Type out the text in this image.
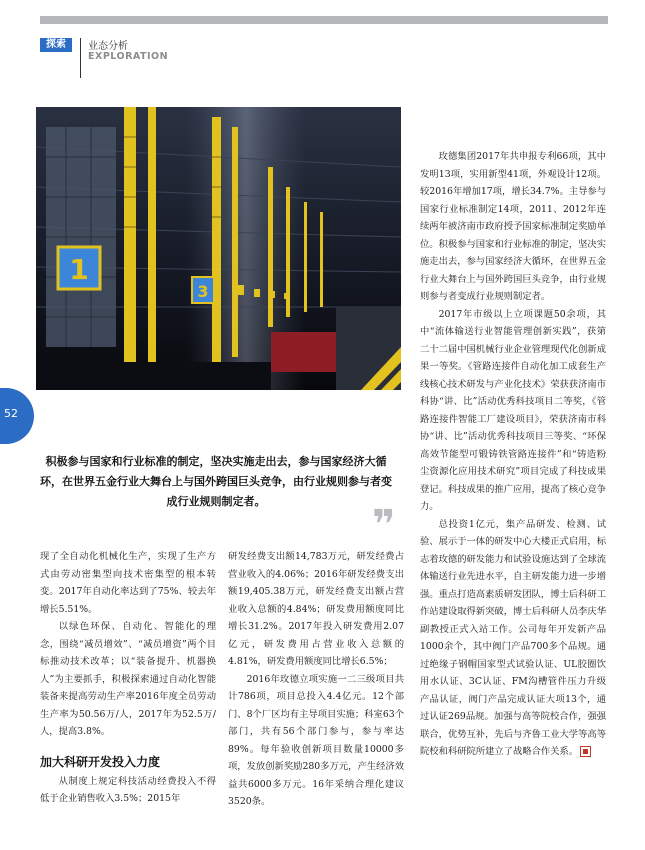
探索	业态分析
EXPLORATION
1
3
52
积极参与国家和行业标准的制定，坚决实施走出去，参与国家经济大循环，在世界五金行业大舞台上与国外跨国巨头竞争，由行业规则参与者变成行业规则制定者。
❞

现了全自动化机械化生产，实现了生产方式由劳动密集型向技术密集型的根本转变。2017年自动化率达到了75%、较去年增长5.51%。

以绿色环保、自动化、智能化的理念，围绕“减员增效”、“减员增资”两个目标推动技术改革；以“装备提升、机器换人”为主要抓手，积极探索通过自动化智能装备来提高劳动生产率2016年度全员劳动生产率为50.56万/人，2017年为52.5万/人，提高3.8%。

加大科研开发投入力度

从制度上规定科技活动经费投入不得低于企业销售收入3.5%；2015年

研发经费支出额14,783万元，研发经费占营业收入的4.06%；2016年研发经费支出额19,405.38万元，研发经费支出额占营业收入总额的4.84%；研发费用额度同比增长31.2%。2017年投入研发费用2.07亿元，研发费用占营业收入总额的4.81%，研发费用额度同比增长6.5%；

2016年玫德立项实施一二三级项目共计786项，项目总投入4.4亿元。12个部门、8个厂区均有主导项目实施；科室63个部门，共有56个部门参与，参与率达89%。每年验收创新项目数量10000多项，发放创新奖励280多万元，产生经济效益共6000多万元。16年采纳合理化建议3520条。

玫德集团2017年共申报专利66项，其中发明13项，实用新型41项，外观设计12项。较2016年增加17项，增长34.7%。主导参与国家行业标准制定14项，2011、2012年连续两年被济南市政府授予国家标准制定奖励单位。积极参与国家和行业标准的制定，坚决实施走出去，参与国家经济大循环，在世界五金行业大舞台上与国外跨国巨头竞争，由行业规则参与者变成行业规则制定者。

2017年市级以上立项课题50余项，其中“流体输送行业智能管理创新实践”，获第二十二届中国机械行业企业管理现代化创新成果一等奖。《管路连接件自动化加工成套生产线核心技术研发与产业化技术》荣获获济南市科协“讲、比”活动优秀科技项目二等奖，《管路连接件智能工厂建设项目》，荣获济南市科协“讲、比”活动优秀科技项目三等奖、“环保高效节能型可锻铸铁管路连接件”和“铸造粉尘资源化应用技术研究”项目完成了科技成果登记。科技成果的推广应用，提高了核心竞争力。

总投资1亿元，集产品研发、检测、试验、展示于一体的研发中心大楼正式启用，标志着玫德的研发能力和试验设施达到了全球流体输送行业先进水平，自主研发能力进一步增强。重点打造高素质研发团队，博士后科研工作站建设取得新突破，博士后科研人员李庆华副教授正式入站工作。公司每年开发新产品1000余个，其中阀门产品700多个品规。通过绝缘子钢帽国家型式试验认证、UL胶圈饮用水认证、3C认证、FM沟槽管件压力升级产品认证，阀门产品完成认证大项13个，通过认证269品规。加强与高等院校合作，强强联合，优势互补，先后与齐鲁工业大学等高等院校和科研院所建立了战略合作关系。
